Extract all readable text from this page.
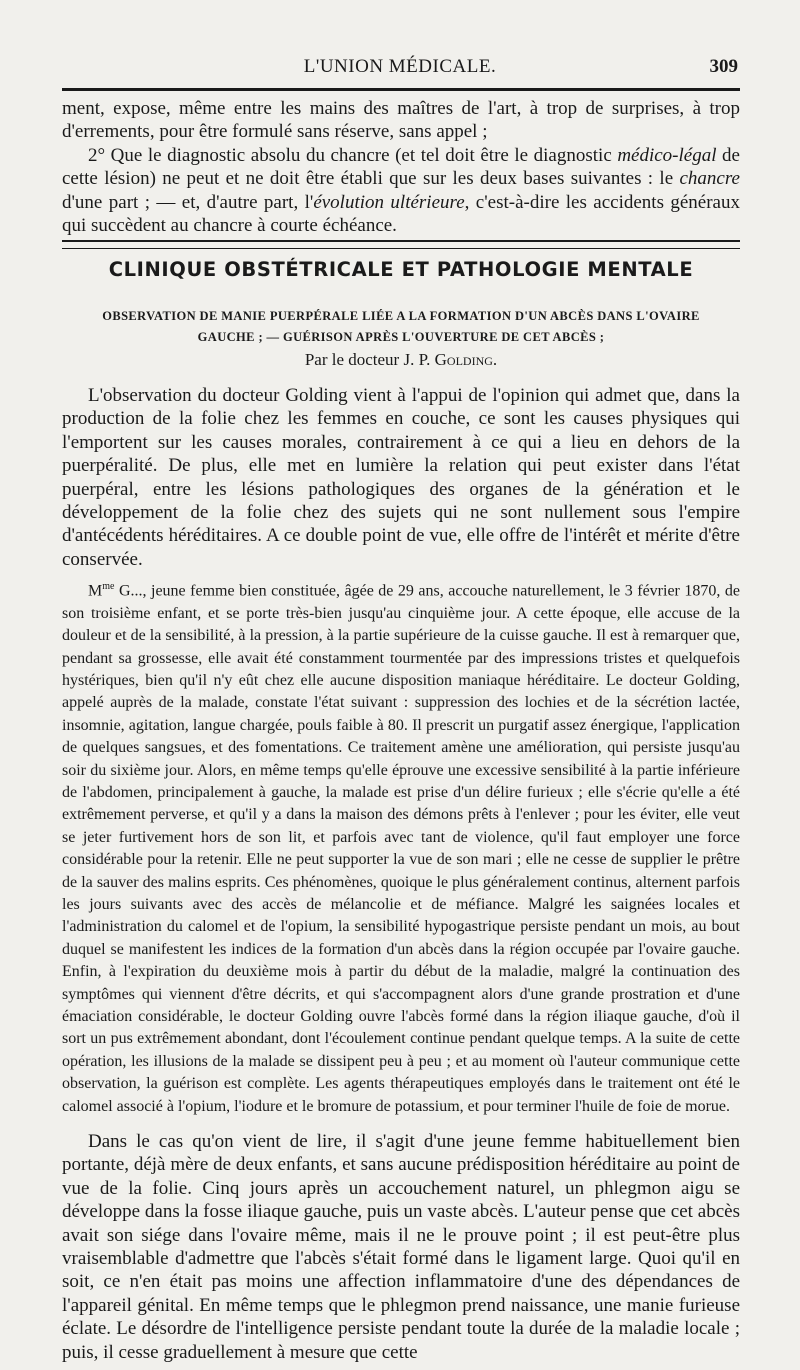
L'UNION MÉDICALE.	309

ment, expose, même entre les mains des maîtres de l'art, à trop de surprises, à trop d'errements, pour être formulé sans réserve, sans appel ;

2° Que le diagnostic absolu du chancre (et tel doit être le diagnostic médico-légal de cette lésion) ne peut et ne doit être établi que sur les deux bases suivantes : le chancre d'une part ; — et, d'autre part, l'évolution ultérieure, c'est-à-dire les accidents généraux qui succèdent au chancre à courte échéance.

CLINIQUE OBSTÉTRICALE ET PATHOLOGIE MENTALE
OBSERVATION DE MANIE PUERPÉRALE LIÉE A LA FORMATION D'UN ABCÈS DANS L'OVAIRE
GAUCHE ; — GUÉRISON APRÈS L'OUVERTURE DE CET ABCÈS ;
Par le docteur J. P. Golding.

L'observation du docteur Golding vient à l'appui de l'opinion qui admet que, dans la production de la folie chez les femmes en couche, ce sont les causes physiques qui l'emportent sur les causes morales, contrairement à ce qui a lieu en dehors de la puerpéralité. De plus, elle met en lumière la relation qui peut exister dans l'état puerpéral, entre les lésions pathologiques des organes de la génération et le développement de la folie chez des sujets qui ne sont nullement sous l'empire d'antécédents héréditaires. A ce double point de vue, elle offre de l'intérêt et mérite d'être conservée.

$M^{me}$ G..., jeune femme bien constituée, âgée de 29 ans, accouche naturellement, le 3 février 1870, de son troisième enfant, et se porte très-bien jusqu'au cinquième jour. A cette époque, elle accuse de la douleur et de la sensibilité, à la pression, à la partie supérieure de la cuisse gauche. Il est à remarquer que, pendant sa grossesse, elle avait été constamment tourmentée par des impressions tristes et quelquefois hystériques, bien qu'il n'y eût chez elle aucune disposition maniaque héréditaire. Le docteur Golding, appelé auprès de la malade, constate l'état suivant : suppression des lochies et de la sécrétion lactée, insomnie, agitation, langue chargée, pouls faible à 80. Il prescrit un purgatif assez énergique, l'application de quelques sangsues, et des fomentations. Ce traitement amène une amélioration, qui persiste jusqu'au soir du sixième jour. Alors, en même temps qu'elle éprouve une excessive sensibilité à la partie inférieure de l'abdomen, principalement à gauche, la malade est prise d'un délire furieux ; elle s'écrie qu'elle a été extrêmement perverse, et qu'il y a dans la maison des démons prêts à l'enlever ; pour les éviter, elle veut se jeter furtivement hors de son lit, et parfois avec tant de violence, qu'il faut employer une force considérable pour la retenir. Elle ne peut supporter la vue de son mari ; elle ne cesse de supplier le prêtre de la sauver des malins esprits. Ces phénomènes, quoique le plus généralement continus, alternent parfois les jours suivants avec des accès de mélancolie et de méfiance. Malgré les saignées locales et l'administration du calomel et de l'opium, la sensibilité hypogastrique persiste pendant un mois, au bout duquel se manifestent les indices de la formation d'un abcès dans la région occupée par l'ovaire gauche. Enfin, à l'expiration du deuxième mois à partir du début de la maladie, malgré la continuation des symptômes qui viennent d'être décrits, et qui s'accompagnent alors d'une grande prostration et d'une émaciation considérable, le docteur Golding ouvre l'abcès formé dans la région iliaque gauche, d'où il sort un pus extrêmement abondant, dont l'écoulement continue pendant quelque temps. A la suite de cette opération, les illusions de la malade se dissipent peu à peu ; et au moment où l'auteur communique cette observation, la guérison est complète. Les agents thérapeutiques employés dans le traitement ont été le calomel associé à l'opium, l'iodure et le bromure de potassium, et pour terminer l'huile de foie de morue.

Dans le cas qu'on vient de lire, il s'agit d'une jeune femme habituellement bien portante, déjà mère de deux enfants, et sans aucune prédisposition héréditaire au point de vue de la folie. Cinq jours après un accouchement naturel, un phlegmon aigu se développe dans la fosse iliaque gauche, puis un vaste abcès. L'auteur pense que cet abcès avait son siége dans l'ovaire même, mais il ne le prouve point ; il est peut-être plus vraisemblable d'admettre que l'abcès s'était formé dans le ligament large. Quoi qu'il en soit, ce n'en était pas moins une affection inflammatoire d'une des dépendances de l'appareil génital. En même temps que le phlegmon prend naissance, une manie furieuse éclate. Le désordre de l'intelligence persiste pendant toute la durée de la maladie locale ; puis, il cesse graduellement à mesure que cette
